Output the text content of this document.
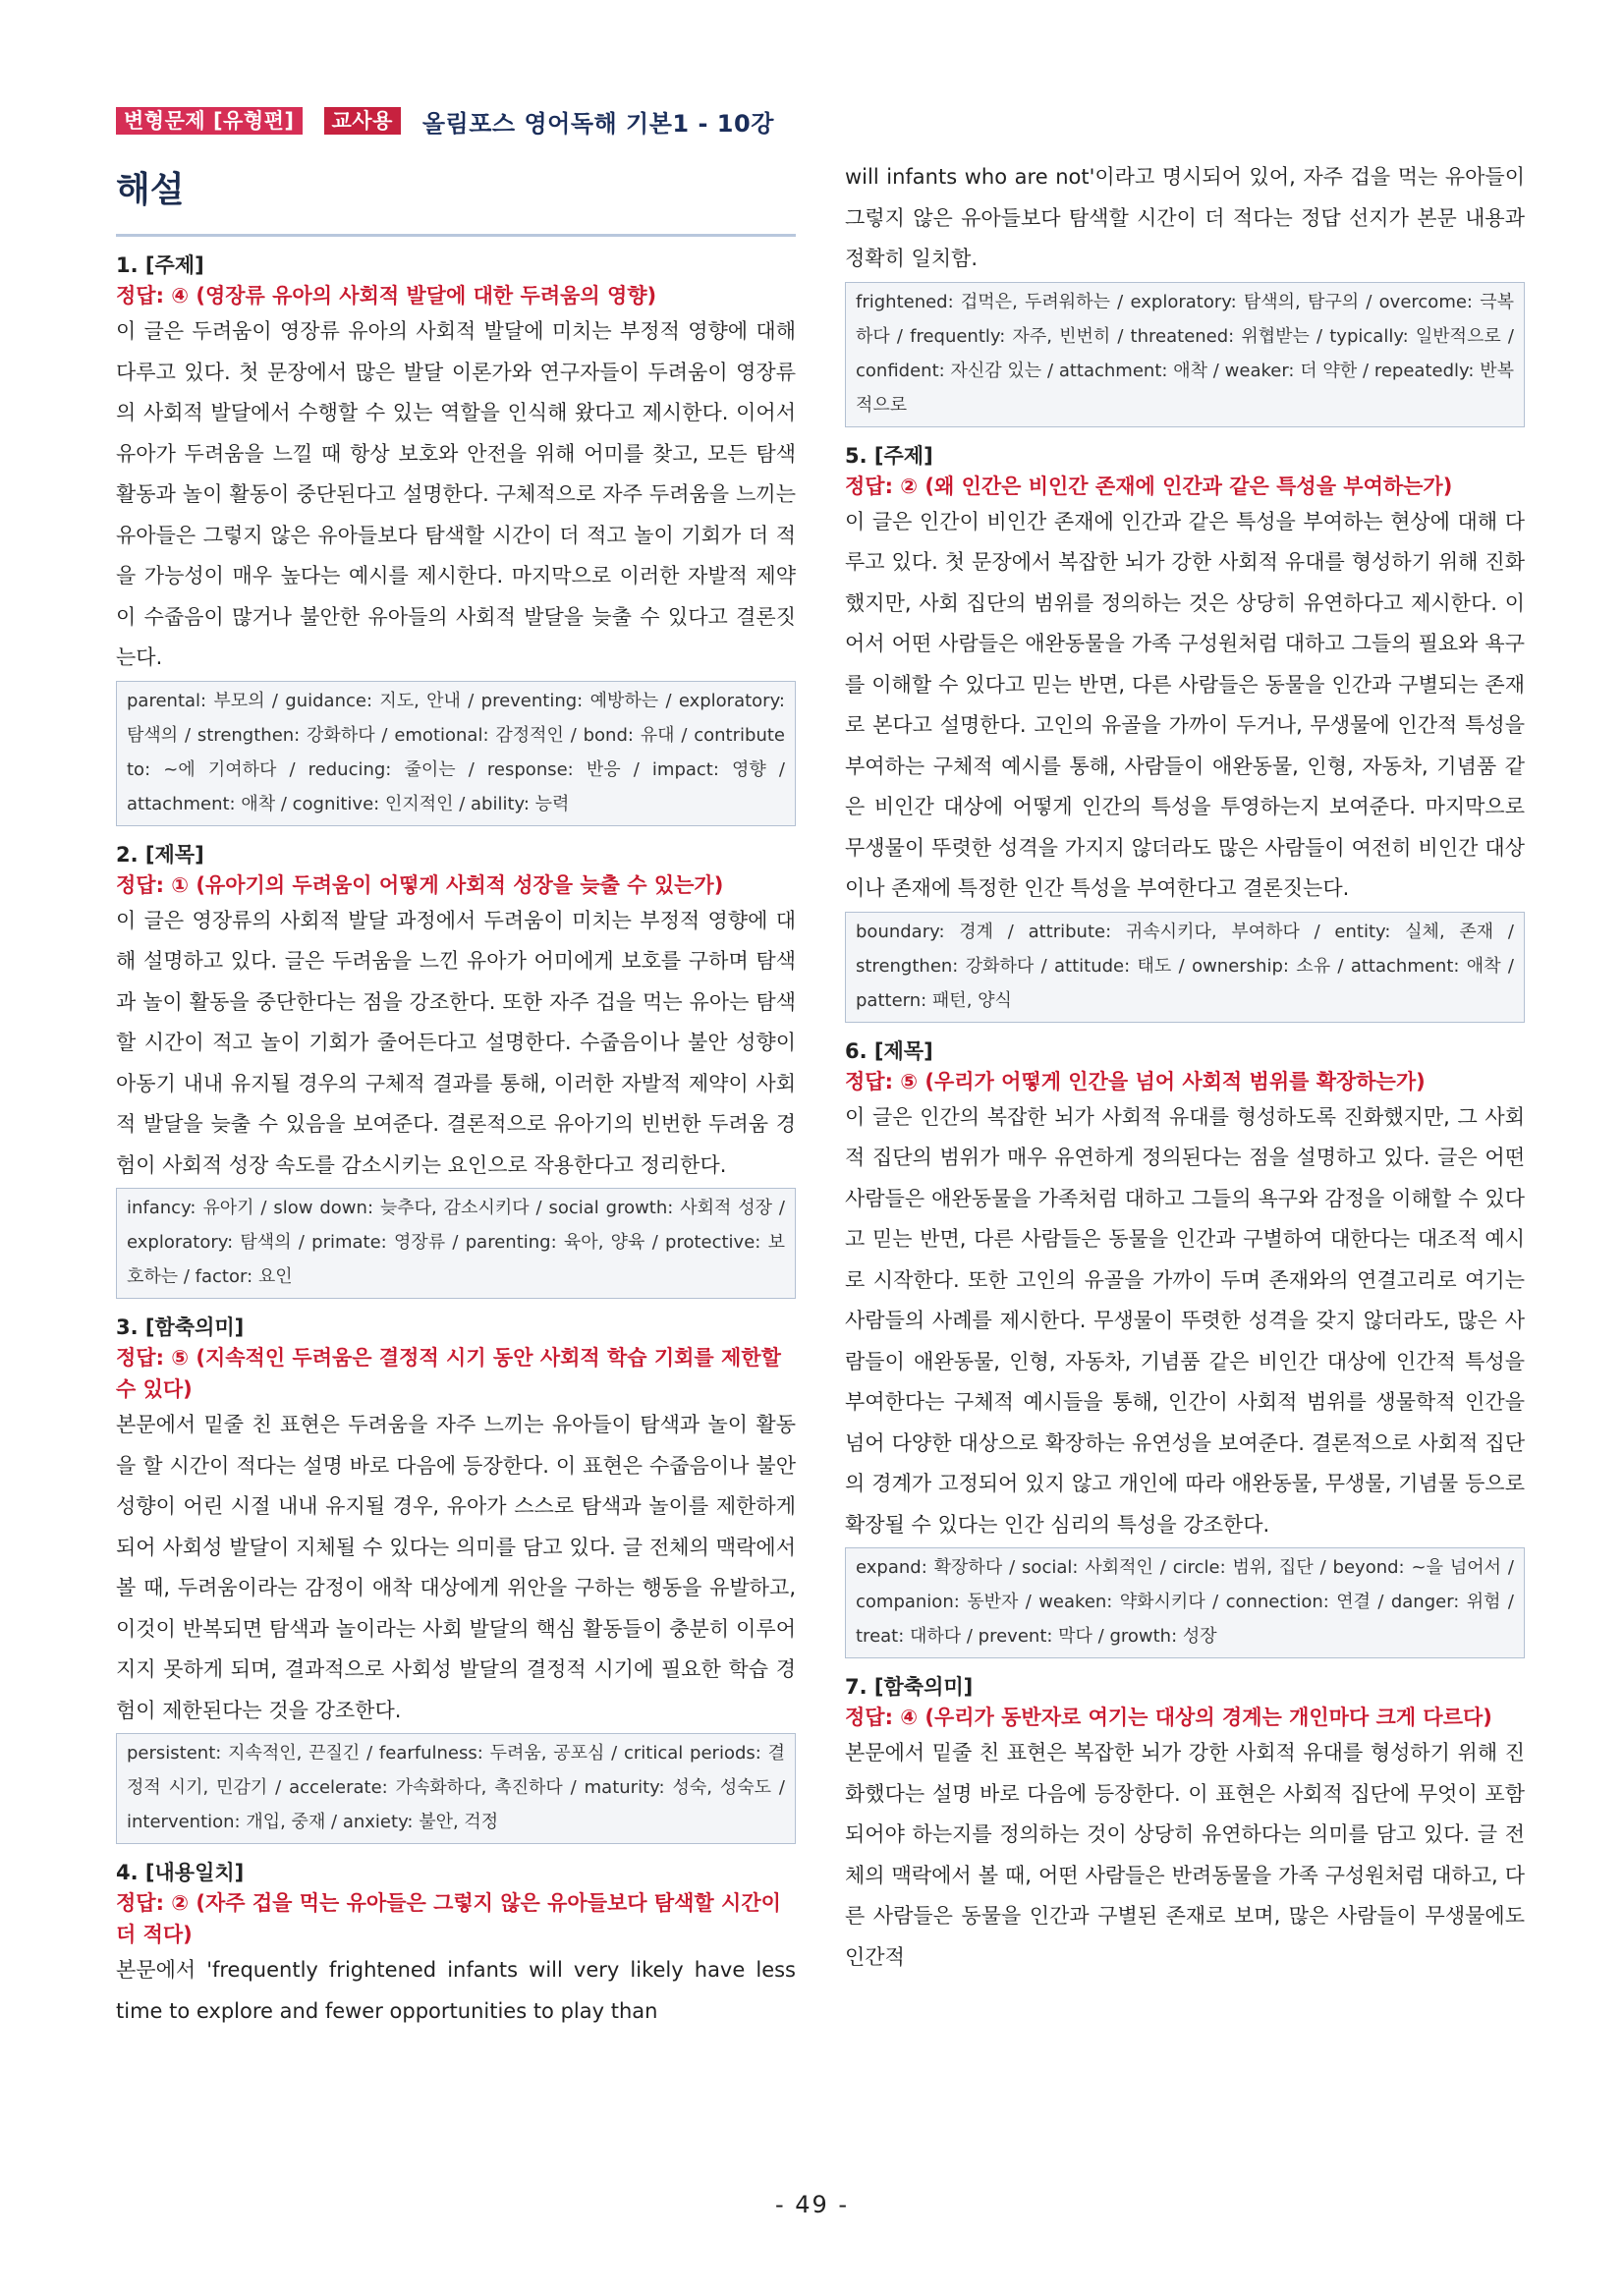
변형문제 [유형편]	교사용	올림포스 영어독해 기본1 - 10강
해설
1. [주제]
정답: ④ (영장류 유아의 사회적 발달에 대한 두려움의 영향)
이 글은 두려움이 영장류 유아의 사회적 발달에 미치는 부정적 영향에 대해 다루고 있다. 첫 문장에서 많은 발달 이론가와 연구자들이 두려움이 영장류의 사회적 발달에서 수행할 수 있는 역할을 인식해 왔다고 제시한다. 이어서 유아가 두려움을 느낄 때 항상 보호와 안전을 위해 어미를 찾고, 모든 탐색 활동과 놀이 활동이 중단된다고 설명한다. 구체적으로 자주 두려움을 느끼는 유아들은 그렇지 않은 유아들보다 탐색할 시간이 더 적고 놀이 기회가 더 적을 가능성이 매우 높다는 예시를 제시한다. 마지막으로 이러한 자발적 제약이 수줍음이 많거나 불안한 유아들의 사회적 발달을 늦출 수 있다고 결론짓는다.
parental: 부모의 / guidance: 지도, 안내 / preventing: 예방하는 / exploratory: 탐색의 / strengthen: 강화하다 / emotional: 감정적인 / bond: 유대 / contribute to: ~에 기여하다 / reducing: 줄이는 / response: 반응 / impact: 영향 / attachment: 애착 / cognitive: 인지적인 / ability: 능력
2. [제목]
정답: ① (유아기의 두려움이 어떻게 사회적 성장을 늦출 수 있는가)
이 글은 영장류의 사회적 발달 과정에서 두려움이 미치는 부정적 영향에 대해 설명하고 있다. 글은 두려움을 느낀 유아가 어미에게 보호를 구하며 탐색과 놀이 활동을 중단한다는 점을 강조한다. 또한 자주 겁을 먹는 유아는 탐색할 시간이 적고 놀이 기회가 줄어든다고 설명한다. 수줍음이나 불안 성향이 아동기 내내 유지될 경우의 구체적 결과를 통해, 이러한 자발적 제약이 사회적 발달을 늦출 수 있음을 보여준다. 결론적으로 유아기의 빈번한 두려움 경험이 사회적 성장 속도를 감소시키는 요인으로 작용한다고 정리한다.
infancy: 유아기 / slow down: 늦추다, 감소시키다 / social growth: 사회적 성장 / exploratory: 탐색의 / primate: 영장류 / parenting: 육아, 양육 / protective: 보호하는 / factor: 요인
3. [함축의미]
정답: ⑤ (지속적인 두려움은 결정적 시기 동안 사회적 학습 기회를 제한할 수 있다)
본문에서 밑줄 친 표현은 두려움을 자주 느끼는 유아들이 탐색과 놀이 활동을 할 시간이 적다는 설명 바로 다음에 등장한다. 이 표현은 수줍음이나 불안 성향이 어린 시절 내내 유지될 경우, 유아가 스스로 탐색과 놀이를 제한하게 되어 사회성 발달이 지체될 수 있다는 의미를 담고 있다. 글 전체의 맥락에서 볼 때, 두려움이라는 감정이 애착 대상에게 위안을 구하는 행동을 유발하고, 이것이 반복되면 탐색과 놀이라는 사회 발달의 핵심 활동들이 충분히 이루어지지 못하게 되며, 결과적으로 사회성 발달의 결정적 시기에 필요한 학습 경험이 제한된다는 것을 강조한다.
persistent: 지속적인, 끈질긴 / fearfulness: 두려움, 공포심 / critical periods: 결정적 시기, 민감기 / accelerate: 가속화하다, 촉진하다 / maturity: 성숙, 성숙도 / intervention: 개입, 중재 / anxiety: 불안, 걱정
4. [내용일치]
정답: ② (자주 겁을 먹는 유아들은 그렇지 않은 유아들보다 탐색할 시간이 더 적다)
본문에서 'frequently frightened infants will very likely have less time to explore and fewer opportunities to play than
will infants who are not'이라고 명시되어 있어, 자주 겁을 먹는 유아들이 그렇지 않은 유아들보다 탐색할 시간이 더 적다는 정답 선지가 본문 내용과 정확히 일치함.
frightened: 겁먹은, 두려워하는 / exploratory: 탐색의, 탐구의 / overcome: 극복하다 / frequently: 자주, 빈번히 / threatened: 위협받는 / typically: 일반적으로 / confident: 자신감 있는 / attachment: 애착 / weaker: 더 약한 / repeatedly: 반복적으로
5. [주제]
정답: ② (왜 인간은 비인간 존재에 인간과 같은 특성을 부여하는가)
이 글은 인간이 비인간 존재에 인간과 같은 특성을 부여하는 현상에 대해 다루고 있다. 첫 문장에서 복잡한 뇌가 강한 사회적 유대를 형성하기 위해 진화했지만, 사회 집단의 범위를 정의하는 것은 상당히 유연하다고 제시한다. 이어서 어떤 사람들은 애완동물을 가족 구성원처럼 대하고 그들의 필요와 욕구를 이해할 수 있다고 믿는 반면, 다른 사람들은 동물을 인간과 구별되는 존재로 본다고 설명한다. 고인의 유골을 가까이 두거나, 무생물에 인간적 특성을 부여하는 구체적 예시를 통해, 사람들이 애완동물, 인형, 자동차, 기념품 같은 비인간 대상에 어떻게 인간의 특성을 투영하는지 보여준다. 마지막으로 무생물이 뚜렷한 성격을 가지지 않더라도 많은 사람들이 여전히 비인간 대상이나 존재에 특정한 인간 특성을 부여한다고 결론짓는다.
boundary: 경계 / attribute: 귀속시키다, 부여하다 / entity: 실체, 존재 / strengthen: 강화하다 / attitude: 태도 / ownership: 소유 / attachment: 애착 / pattern: 패턴, 양식
6. [제목]
정답: ⑤ (우리가 어떻게 인간을 넘어 사회적 범위를 확장하는가)
이 글은 인간의 복잡한 뇌가 사회적 유대를 형성하도록 진화했지만, 그 사회적 집단의 범위가 매우 유연하게 정의된다는 점을 설명하고 있다. 글은 어떤 사람들은 애완동물을 가족처럼 대하고 그들의 욕구와 감정을 이해할 수 있다고 믿는 반면, 다른 사람들은 동물을 인간과 구별하여 대한다는 대조적 예시로 시작한다. 또한 고인의 유골을 가까이 두며 존재와의 연결고리로 여기는 사람들의 사례를 제시한다. 무생물이 뚜렷한 성격을 갖지 않더라도, 많은 사람들이 애완동물, 인형, 자동차, 기념품 같은 비인간 대상에 인간적 특성을 부여한다는 구체적 예시들을 통해, 인간이 사회적 범위를 생물학적 인간을 넘어 다양한 대상으로 확장하는 유연성을 보여준다. 결론적으로 사회적 집단의 경계가 고정되어 있지 않고 개인에 따라 애완동물, 무생물, 기념물 등으로 확장될 수 있다는 인간 심리의 특성을 강조한다.
expand: 확장하다 / social: 사회적인 / circle: 범위, 집단 / beyond: ~을 넘어서 / companion: 동반자 / weaken: 약화시키다 / connection: 연결 / danger: 위험 / treat: 대하다 / prevent: 막다 / growth: 성장
7. [함축의미]
정답: ④ (우리가 동반자로 여기는 대상의 경계는 개인마다 크게 다르다)
본문에서 밑줄 친 표현은 복잡한 뇌가 강한 사회적 유대를 형성하기 위해 진화했다는 설명 바로 다음에 등장한다. 이 표현은 사회적 집단에 무엇이 포함되어야 하는지를 정의하는 것이 상당히 유연하다는 의미를 담고 있다. 글 전체의 맥락에서 볼 때, 어떤 사람들은 반려동물을 가족 구성원처럼 대하고, 다른 사람들은 동물을 인간과 구별된 존재로 보며, 많은 사람들이 무생물에도 인간적
- 49 -
